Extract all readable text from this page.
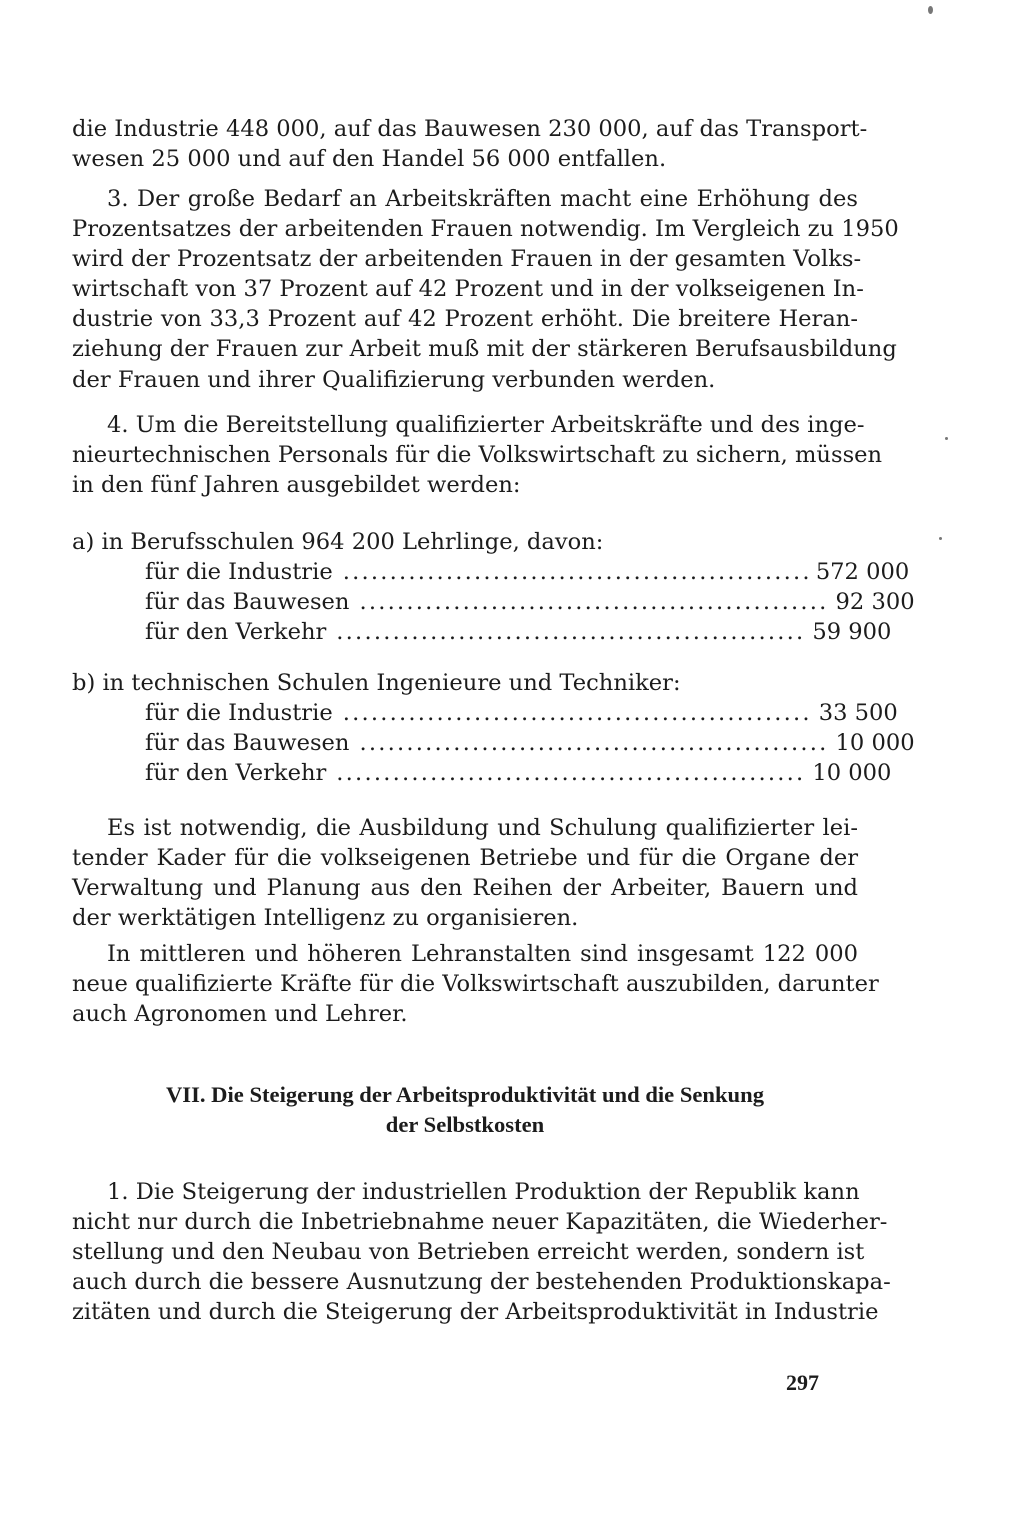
die Industrie 448 000, auf das Bauwesen 230 000, auf das Transport-
wesen 25 000 und auf den Handel 56 000 entfallen.
3. Der große Bedarf an Arbeitskräften macht eine Erhöhung des
Prozentsatzes der arbeitenden Frauen notwendig. Im Vergleich zu 1950
wird der Prozentsatz der arbeitenden Frauen in der gesamten Volks-
wirtschaft von 37 Prozent auf 42 Prozent und in der volkseigenen In-
dustrie von 33,3 Prozent auf 42 Prozent erhöht. Die breitere Heran-
ziehung der Frauen zur Arbeit muß mit der stärkeren Berufsausbildung
der Frauen und ihrer Qualifizierung verbunden werden.
4. Um die Bereitstellung qualifizierter Arbeitskräfte und des inge-
nieurtechnischen Personals für die Volkswirtschaft zu sichern, müssen
in den fünf Jahren ausgebildet werden:
a) in Berufsschulen 964 200 Lehrlinge, davon:
für die Industrie .................................................. 572 000
für das Bauwesen .................................................. 92 300
für den Verkehr .................................................. 59 900
b) in technischen Schulen Ingenieure und Techniker:
für die Industrie .................................................. 33 500
für das Bauwesen .................................................. 10 000
für den Verkehr .................................................. 10 000
Es ist notwendig, die Ausbildung und Schulung qualifizierter lei-
tender Kader für die volkseigenen Betriebe und für die Organe der
Verwaltung und Planung aus den Reihen der Arbeiter, Bauern und
der werktätigen Intelligenz zu organisieren.
In mittleren und höheren Lehranstalten sind insgesamt 122 000
neue qualifizierte Kräfte für die Volkswirtschaft auszubilden, darunter
auch Agronomen und Lehrer.
VII. Die Steigerung der Arbeitsproduktivität und die Senkung
der Selbstkosten
1. Die Steigerung der industriellen Produktion der Republik kann
nicht nur durch die Inbetriebnahme neuer Kapazitäten, die Wiederher-
stellung und den Neubau von Betrieben erreicht werden, sondern ist
auch durch die bessere Ausnutzung der bestehenden Produktionskapa-
zitäten und durch die Steigerung der Arbeitsproduktivität in Industrie
297
